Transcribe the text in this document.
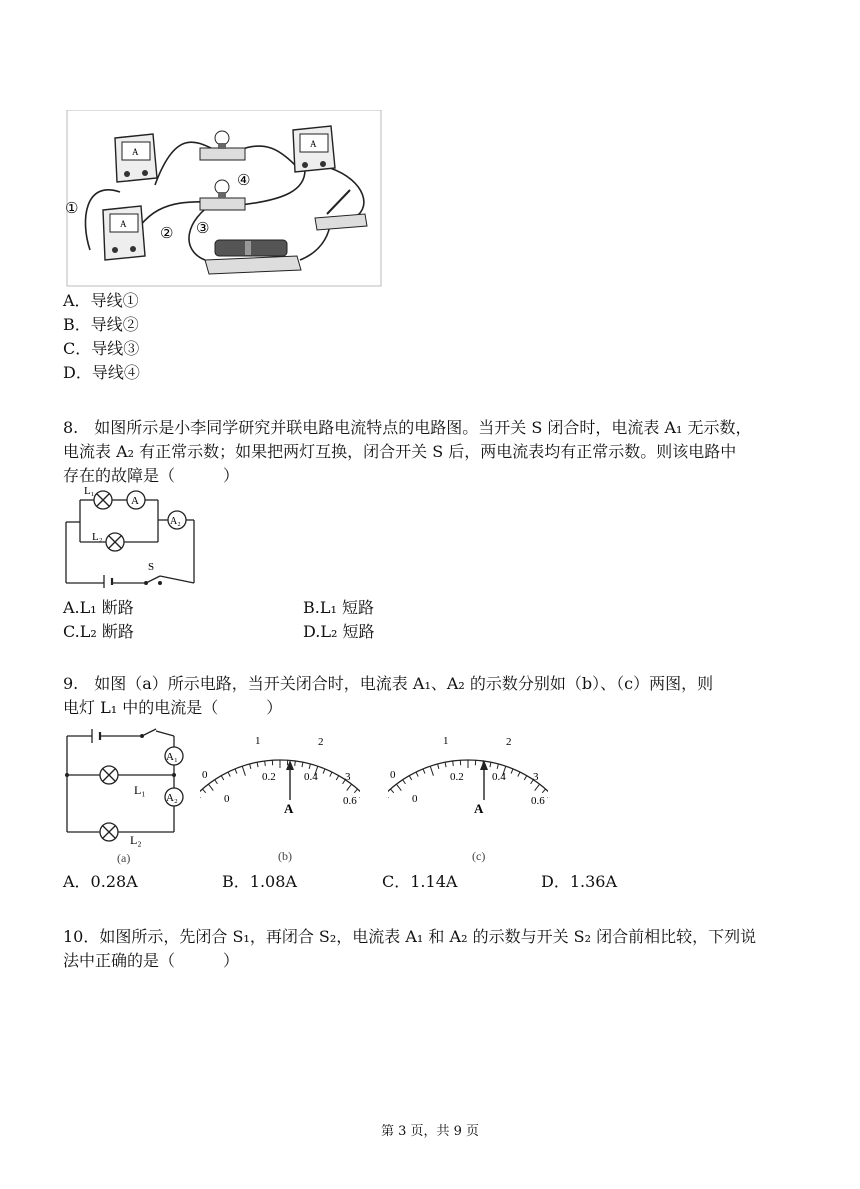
A
A
A
①
② ③
④
A．导线①
B．导线②
C．导线③
D．导线④
8.　如图所示是小李同学研究并联电路电流特点的电路图。当开关 S 闭合时，电流表 A₁ 无示数，
电流表 A₂ 有正常示数；如果把两灯互换，闭合开关 S 后，两电流表均有正常示数。则该电路中
存在的故障是（　　　）
L₁
A
L₂
A₂
S
A.L₁ 断路	B.L₁ 短路
C.L₂ 断路	D.L₂ 短路
9.　如图（a）所示电路，当开关闭合时，电流表 A₁、A₂ 的示数分别如（b）、（c）两图，则
电灯 L₁ 中的电流是（　　　）
A₁
A₂
L₁
L₂
(a)
0
1	2
3
0
0.2	0.4
0.6
A
(b)
0
1	2
3
0
0.2	0.4
0.6
A
(c)
A．0.28A	B．1.08A	C．1.14A	D．1.36A
10．如图所示，先闭合 S₁，再闭合 S₂，电流表 A₁ 和 A₂ 的示数与开关 S₂ 闭合前相比较，下列说
法中正确的是（　　　）
第 3 页，共 9 页
